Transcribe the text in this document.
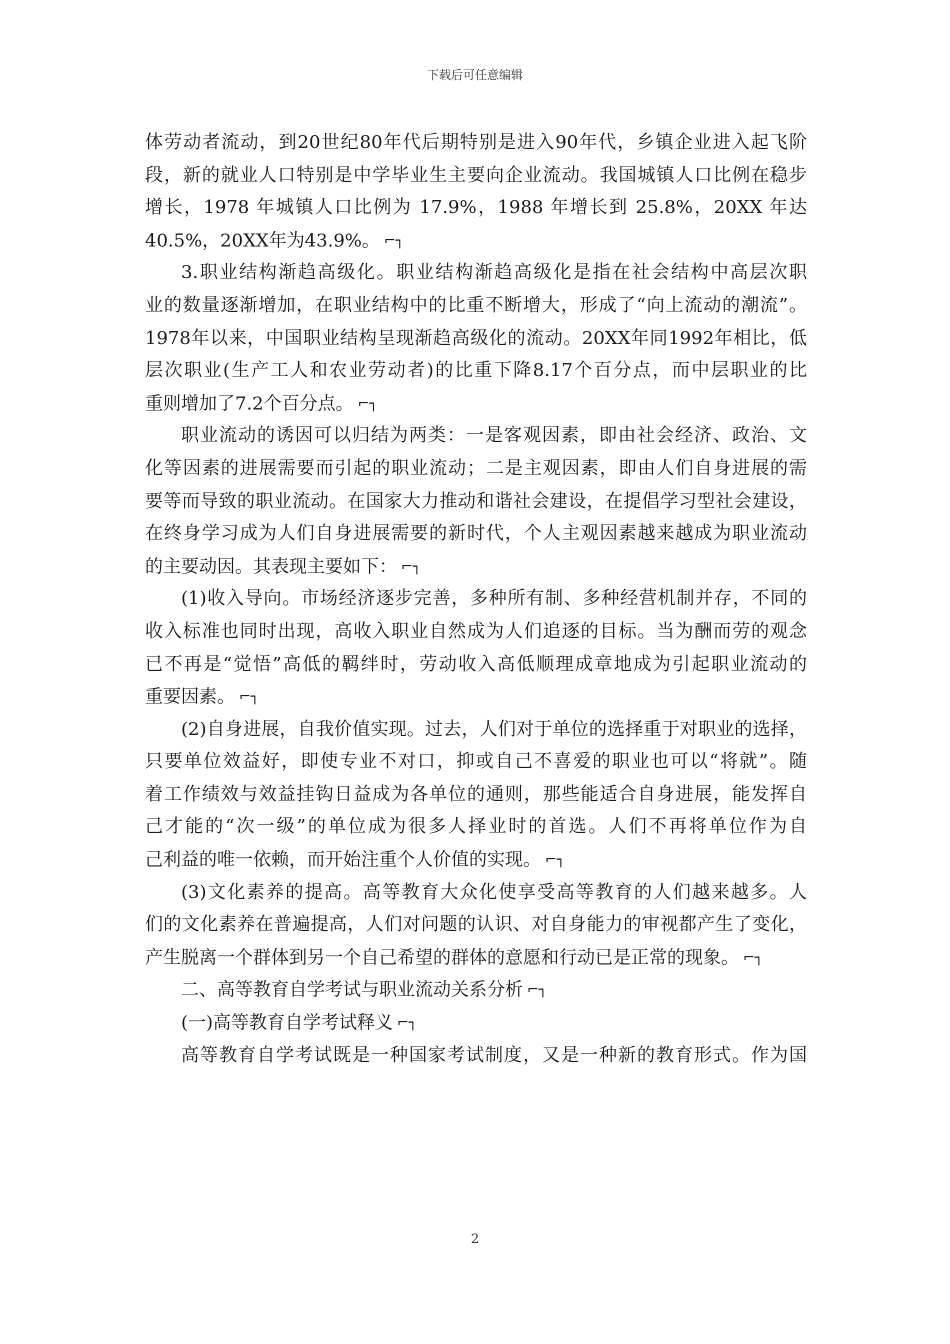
下载后可任意编辑
体劳动者流动，到20世纪80年代后期特别是进入90年代，乡镇企业进入起飞阶
段，新的就业人口特别是中学毕业生主要向企业流动。我国城镇人口比例在稳步
增长，1978 年城镇人口比例为 17.9%，1988 年增长到 25.8%，20XX 年达
40.5%，20XX年为43.9%。 ⌐┐
3.职业结构渐趋高级化。职业结构渐趋高级化是指在社会结构中高层次职
业的数量逐渐增加，在职业结构中的比重不断增大，形成了“向上流动的潮流”。
1978年以来，中国职业结构呈现渐趋高级化的流动。20XX年同1992年相比，低
层次职业(生产工人和农业劳动者)的比重下降8.17个百分点，而中层职业的比
重则增加了7.2个百分点。 ⌐┐
职业流动的诱因可以归结为两类：一是客观因素，即由社会经济、政治、文
化等因素的进展需要而引起的职业流动；二是主观因素，即由人们自身进展的需
要等而导致的职业流动。在国家大力推动和谐社会建设，在提倡学习型社会建设，
在终身学习成为人们自身进展需要的新时代，个人主观因素越来越成为职业流动
的主要动因。其表现主要如下： ⌐┐
(1)收入导向。市场经济逐步完善，多种所有制、多种经营机制并存，不同的
收入标准也同时出现，高收入职业自然成为人们追逐的目标。当为酬而劳的观念
已不再是“觉悟”高低的羁绊时，劳动收入高低顺理成章地成为引起职业流动的
重要因素。 ⌐┐
(2)自身进展，自我价值实现。过去，人们对于单位的选择重于对职业的选择，
只要单位效益好，即使专业不对口，抑或自己不喜爱的职业也可以“将就”。随
着工作绩效与效益挂钩日益成为各单位的通则，那些能适合自身进展，能发挥自
己才能的“次一级”的单位成为很多人择业时的首选。人们不再将单位作为自
己利益的唯一依赖，而开始注重个人价值的实现。 ⌐┐
(3)文化素养的提高。高等教育大众化使享受高等教育的人们越来越多。人
们的文化素养在普遍提高，人们对问题的认识、对自身能力的审视都产生了变化，
产生脱离一个群体到另一个自己希望的群体的意愿和行动已是正常的现象。 ⌐┐
二、高等教育自学考试与职业流动关系分析 ⌐┐
(一)高等教育自学考试释义 ⌐┐
高等教育自学考试既是一种国家考试制度，又是一种新的教育形式。作为国
2
